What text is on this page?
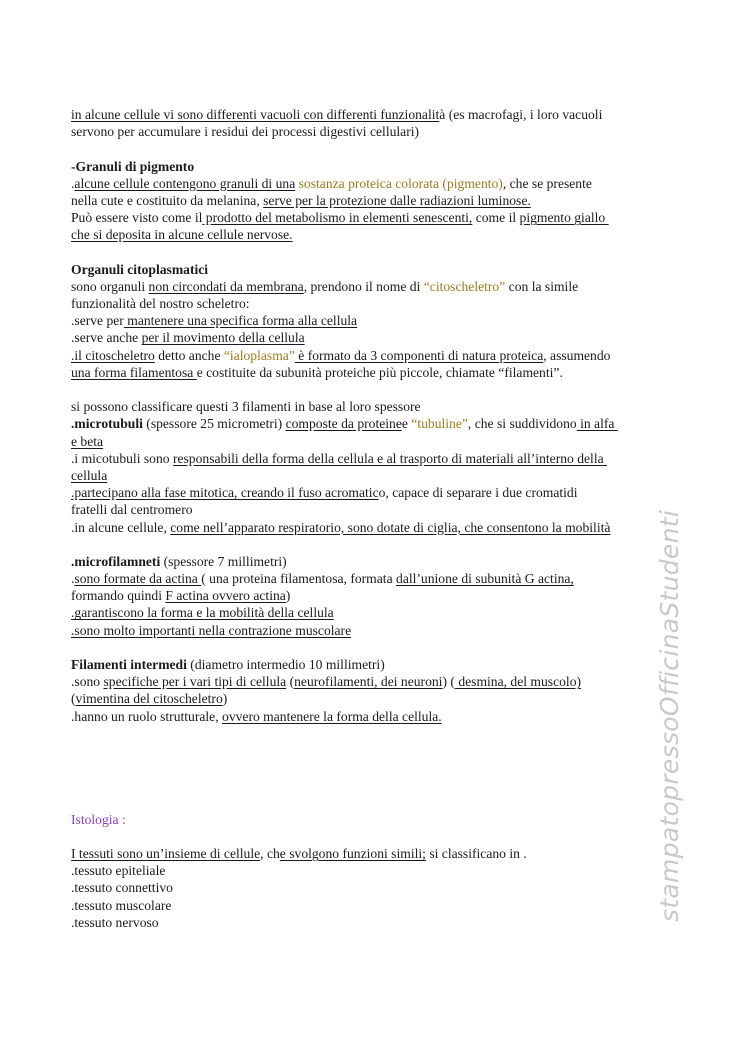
in alcune cellule vi sono differenti vacuoli con differenti funzionalità (es macrofagi, i loro vacuoli
servono per accumulare i residui dei processi digestivi cellulari)
-Granuli di pigmento
.alcune cellule contengono granuli di una sostanza proteica colorata (pigmento), che se presente
nella cute e costituito da melanina, serve per la protezione dalle radiazioni luminose.
Può essere visto come il prodotto del metabolismo in elementi senescenti, come il pigmento giallo
che si deposita in alcune cellule nervose.
Organuli citoplasmatici
sono organuli non circondati da membrana, prendono il nome di “citoscheletro” con la simile
funzionalità del nostro scheletro:
.serve per mantenere una specifica forma alla cellula
.serve anche per il movimento della cellula
.il citoscheletro detto anche “ialoplasma” è formato da 3 componenti di natura proteica, assumendo
una forma filamentosa e costituite da subunità proteiche più piccole, chiamate “filamenti”.
si possono classificare questi 3 filamenti in base al loro spessore
.microtubuli (spessore 25 micrometri) composte da proteinee “tubuline”, che si suddividono in alfa
e beta
.i micotubuli sono responsabili della forma della cellula e al trasporto di materiali all’interno della
cellula
.partecipano alla fase mitotica, creando il fuso acromatico, capace di separare i due cromatidi
fratelli dal centromero
.in alcune cellule, come nell’apparato respiratorio, sono dotate di ciglia, che consentono la mobilità
.microfilamneti (spessore 7 millimetri)
.sono formate da actina ( una proteina filamentosa, formata dall’unione di subunità G actina,
formando quindi F actina ovvero actina)
.garantiscono la forma e la mobilità della cellula
.sono molto importanti nella contrazione muscolare
Filamenti intermedi (diametro intermedio 10 millimetri)
.sono specifiche per i vari tipi di cellula (neurofilamenti, dei neuroni) ( desmina, del muscolo)
(vimentina del citoscheletro)
.hanno un ruolo strutturale, ovvero mantenere la forma della cellula.
Istologia :
I tessuti sono un’insieme di cellule, che svolgono funzioni simili; si classificano in .
.tessuto epiteliale
.tessuto connettivo
.tessuto muscolare
.tessuto nervoso
stampatopressoOfficinaStudenti
